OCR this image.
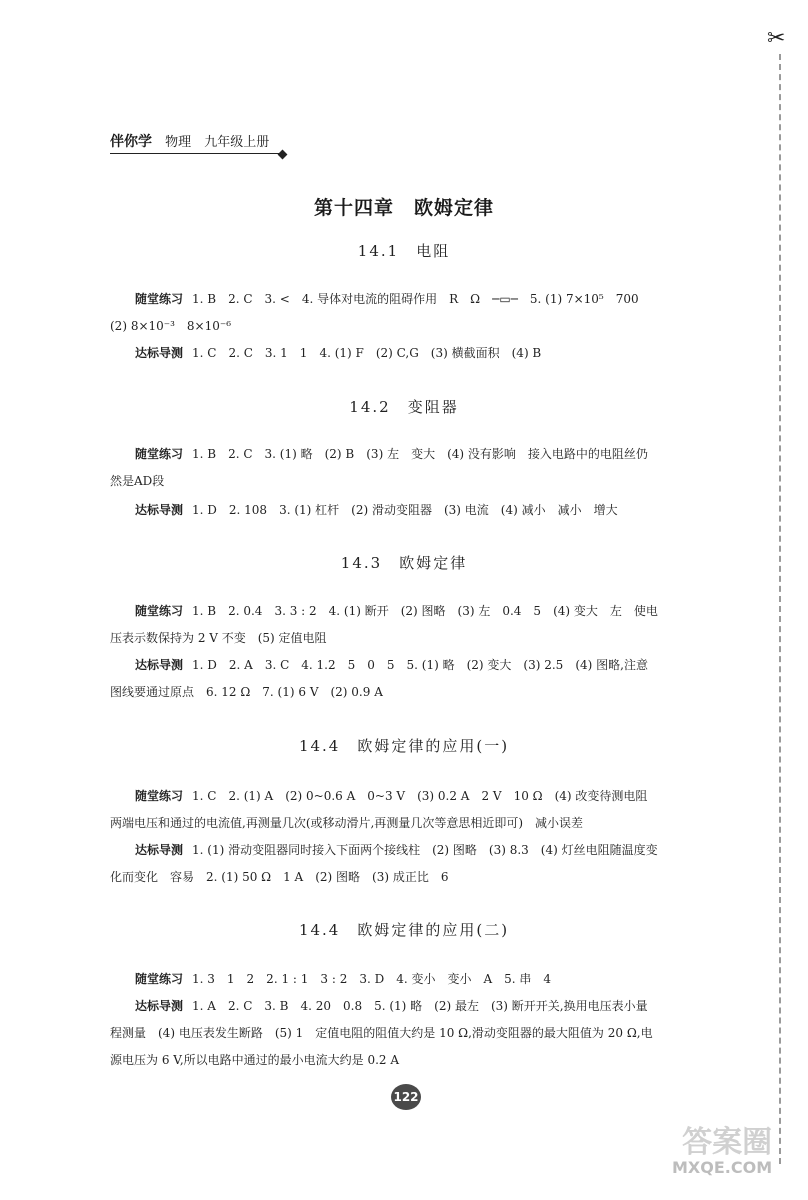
✂
伴你学 物理 九年级上册
第十四章　欧姆定律
14.1　电阻
随堂练习 1. B　2. C　3. <　4. 导体对电流的阻碍作用　R　Ω　─▭─　5. (1) 7×10⁵　700　(2) 8×10⁻³　8×10⁻⁶
达标导测 1. C　2. C　3. 1　1　4. (1) F　(2) C,G　(3) 横截面积　(4) B
14.2　变阻器
随堂练习 1. B　2. C　3. (1) 略　(2) B　(3) 左　变大　(4) 没有影响　接入电路中的电阻丝仍然是AD段
达标导测 1. D　2. 108　3. (1) 杠杆　(2) 滑动变阻器　(3) 电流　(4) 减小　减小　增大
14.3　欧姆定律
随堂练习 1. B　2. 0.4　3. 3 : 2　4. (1) 断开　(2) 图略　(3) 左　0.4　5　(4) 变大　左　使电压表示数保持为 2 V 不变　(5) 定值电阻
达标导测 1. D　2. A　3. C　4. 1.2　5　0　5　5. (1) 略　(2) 变大　(3) 2.5　(4) 图略,注意图线要通过原点　6. 12 Ω　7. (1) 6 V　(2) 0.9 A
14.4　欧姆定律的应用(一)
随堂练习 1. C　2. (1) A　(2) 0~0.6 A　0~3 V　(3) 0.2 A　2 V　10 Ω　(4) 改变待测电阻两端电压和通过的电流值,再测量几次(或移动滑片,再测量几次等意思相近即可)　减小误差
达标导测 1. (1) 滑动变阻器同时接入下面两个接线柱　(2) 图略　(3) 8.3　(4) 灯丝电阻随温度变化而变化　容易　2. (1) 50 Ω　1 A　(2) 图略　(3) 成正比　6
14.4　欧姆定律的应用(二)
随堂练习 1. 3　1　2　2. 1 : 1　3 : 2　3. D　4. 变小　变小　A　5. 串　4
达标导测 1. A　2. C　3. B　4. 20　0.8　5. (1) 略　(2) 最左　(3) 断开开关,换用电压表小量程测量　(4) 电压表发生断路　(5) 1　定值电阻的阻值大约是 10 Ω,滑动变阻器的最大阻值为 20 Ω,电源电压为 6 V,所以电路中通过的最小电流大约是 0.2 A
122
答案圈
MXQE.COM
